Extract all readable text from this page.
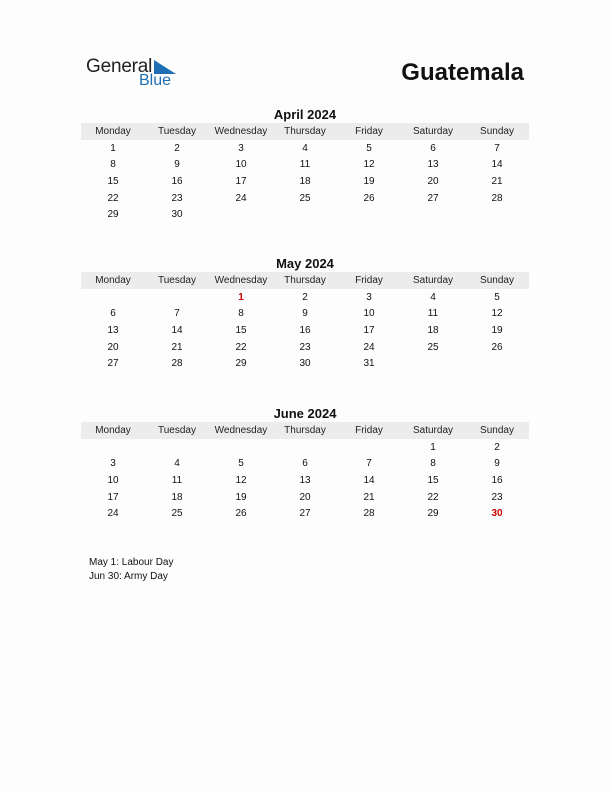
General
Blue	Guatemala
April 2024
Monday	Tuesday	Wednesday	Thursday	Friday	Saturday	Sunday
1	2	3	4	5	6	7
8	9	10	11	12	13	14
15	16	17	18	19	20	21
22	23	24	25	26	27	28
29	30					
May 2024
Monday	Tuesday	Wednesday	Thursday	Friday	Saturday	Sunday
		1	2	3	4	5
6	7	8	9	10	11	12
13	14	15	16	17	18	19
20	21	22	23	24	25	26
27	28	29	30	31		
June 2024
Monday	Tuesday	Wednesday	Thursday	Friday	Saturday	Sunday
					1	2
3	4	5	6	7	8	9
10	11	12	13	14	15	16
17	18	19	20	21	22	23
24	25	26	27	28	29	30
May 1: Labour Day
Jun 30: Army Day
